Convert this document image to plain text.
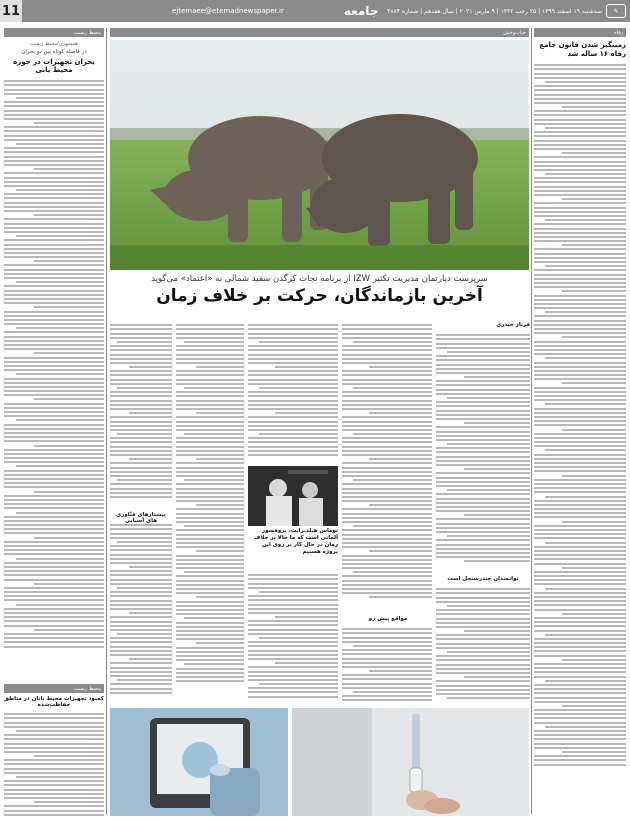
11	ejtemaee@etemadnewspaper.ir	جامعه سه‌شنبه ۱۹ اسفند ۱۳۹۹ | ۲۵ رجب ۱۴۴۲ | ۹ مارس ۲۰۲۱ | سال هفدهم | شماره ۴۸۸۴	✎
محیط زیست
همشهری/محیط زیست
در فاصله کوتاه بین دو بحران
بحران تجهیزات در حوزه محیط بانی
محیط زیست
کمبود تجهیزات محیط بانان در مناطق حفاظت‌شده
رفاه
زمینگیر شدن قانون جامع رفاه ۱۶ ساله شد
حیات‌وحش
سرپرست دپارتمان مدیریت تکثیر IZW از برنامه نجات کرگدن سفید شمالی به «اعتماد» می‌گوید
آخرین بازماندگان، حرکت بر خلاف زمان
فرناز حیدری
توانمندان چندرسنجل است
مواقع پیش رو
پیشتازهای فنّاوری های آسیایی
توماس هیلدبرانت، پروفسور آلمانی است که ما حالا بر خلاف زمان در حال کار بر روی این پروژه هستیم
